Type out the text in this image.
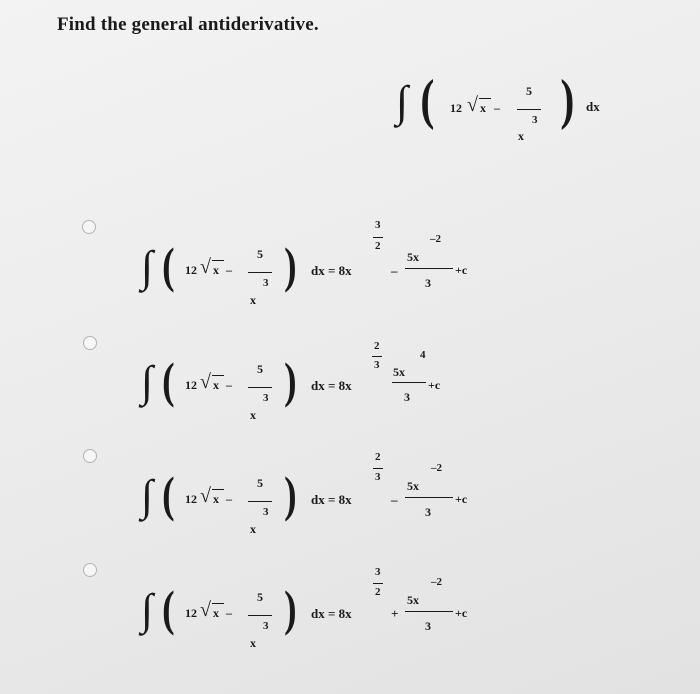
Find the general antiderivative.
∫ ( 12 √ x –
5
x
3 ) dx
∫ ( 12 √ x –
5
x
3 ) dx = 8x
3
2
–
5x
–2
3
+c
∫ ( 12 √ x –
5
x
3 ) dx = 8x
2
3 5x
4
3
+c
∫ ( 12 √ x –
5
x
3 ) dx = 8x
2
3
–
5x
–2
3
+c
∫ ( 12 √ x –
5
x
3 ) dx = 8x
3
2
+
5x
–2
3
+c
